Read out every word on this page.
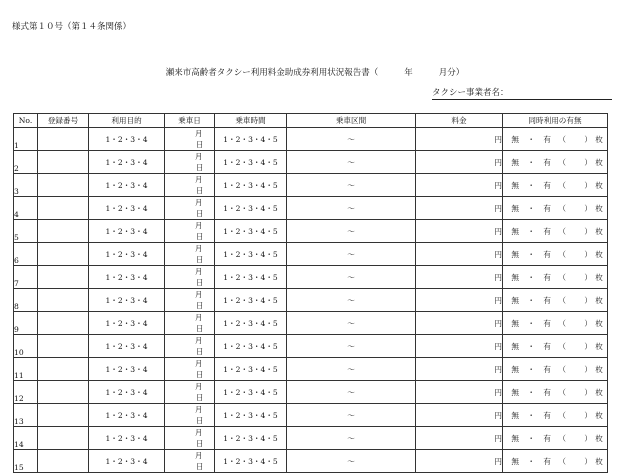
様式第１０号（第１４条関係）
瀬来市高齢者タクシー利用料金助成券利用状況報告書（	年	月分）
タクシー事業者名：
No.	登録番号	利用目的	乗車日	乗車時間	乗車区間	料金	同時利用の有無
1		1・2・3・4	月日	1・2・3・4・5	～	円	無 ・ 有 （ ） 枚
2		1・2・3・4	月日	1・2・3・4・5	～	円	無 ・ 有 （ ） 枚
3		1・2・3・4	月日	1・2・3・4・5	～	円	無 ・ 有 （ ） 枚
4		1・2・3・4	月日	1・2・3・4・5	～	円	無 ・ 有 （ ） 枚
5		1・2・3・4	月日	1・2・3・4・5	～	円	無 ・ 有 （ ） 枚
6		1・2・3・4	月日	1・2・3・4・5	～	円	無 ・ 有 （ ） 枚
7		1・2・3・4	月日	1・2・3・4・5	～	円	無 ・ 有 （ ） 枚
8		1・2・3・4	月日	1・2・3・4・5	～	円	無 ・ 有 （ ） 枚
9		1・2・3・4	月日	1・2・3・4・5	～	円	無 ・ 有 （ ） 枚
10		1・2・3・4	月日	1・2・3・4・5	～	円	無 ・ 有 （ ） 枚
11		1・2・3・4	月日	1・2・3・4・5	～	円	無 ・ 有 （ ） 枚
12		1・2・3・4	月日	1・2・3・4・5	～	円	無 ・ 有 （ ） 枚
13		1・2・3・4	月日	1・2・3・4・5	～	円	無 ・ 有 （ ） 枚
14		1・2・3・4	月日	1・2・3・4・5	～	円	無 ・ 有 （ ） 枚
15		1・2・3・4	月日	1・2・3・4・5	～	円	無 ・ 有 （ ） 枚
